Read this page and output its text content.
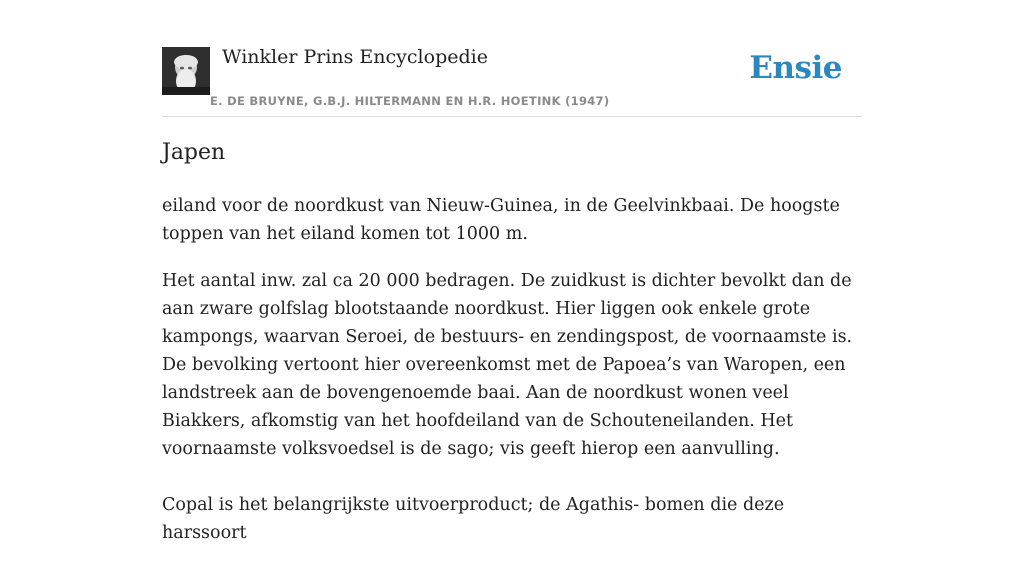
Winkler Prins Encyclopedie
E. DE BRUYNE, G.B.J. HILTERMANN EN H.R. HOETINK (1947)
Ensie
Japen

eiland voor de noordkust van Nieuw-Guinea, in de Geelvinkbaai. De hoogste toppen van het eiland komen tot 1000 m.

Het aantal inw. zal ca 20 000 bedragen. De zuidkust is dichter bevolkt dan de aan zware golfslag blootstaande noordkust. Hier liggen ook enkele grote kampongs, waarvan Seroei, de bestuurs- en zendingspost, de voornaamste is. De bevolking vertoont hier overeenkomst met de Papoea’s van Waropen, een landstreek aan de bovengenoemde baai. Aan de noordkust wonen veel Biakkers, afkomstig van het hoofdeiland van de Schouteneilanden. Het voornaamste volksvoedsel is de sago; vis geeft hierop een aanvulling.

Copal is het belangrijkste uitvoerproduct; de Agathis- bomen die deze harssoort
